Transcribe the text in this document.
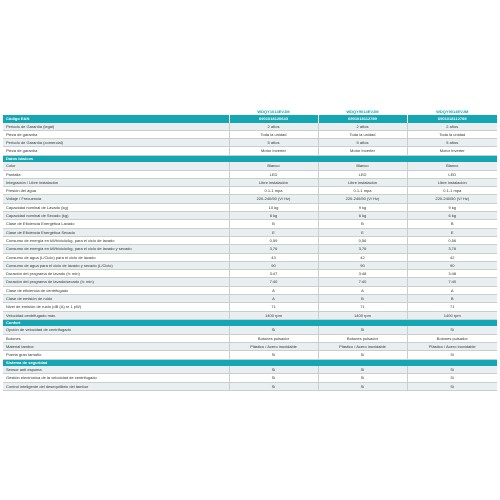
	WDQY1014EVJM	WDQY9014EVJM	WDQY9014EVJM
Código EAN	6901018120643	6901018112789	6901018112789
Periodo de Garantía (legal)	2 años	2 años	2 años
Pieza de garantía	Toda la unidad	Toda la unidad	Toda la unidad
Periodo de Garantía (comercial)	5 años	5 años	5 años
Pieza de garantía	Motor Inverter	Motor Inverter	Motor Inverter
Datos básicos			
Color	Blanco	Blanco	Blanco
Pantalla	LED	LED	LED
Integración / Libre instalación	Libre instalación	Libre instalación	Libre instalación
Presión del agua	0.1-1 mpa	0.1-1 mpa	0.1-1 mpa
Voltaje / Frecuencia	220-240/50 (V/ Hz)	220-240/50 (V/ Hz)	220-240/50 (V/ Hz)
Capacidad nominal de Lavado (kg)	10 kg	9 kg	9 kg
Capacidad nominal de Secado (kg)	6 kg	6 kg	6 kg
Clase de Eficiencia Energética Lavado	B	B	B
Clase de Eficiencia Energética Secado	E	E	E
Consumo de energía en kWh/ciclo/kg, para el ciclo de lavado	0,59	0,56	0,56
Consumo de energía en kWh/ciclo/kg, para el ciclo de lavado y secado	3,76	3,76	3,76
Consumo de agua (L/Ciclo) para el ciclo de lavado	43	42	42
Consumo de agua para el ciclo de lavado y secado (L/Ciclo)	90	90	90
Duración del programa de lavado (h: min)	3:47	3:48	3:48
Duración del programa de lavado/secado (h: min)	7:40	7:40	7:40
Clase de eficiencia de centrifugado	A	A	A
Clase de emisión de ruido	A	B	B
Nivel de emisión de ruido (dB (A) re 1 pW)	71	71	71
Velocidad centrifugado máx.	1400 rpm	1400 rpm	1400 rpm
Confort			
Opción de velocidad de centrifugado	Sí	Sí	Sí
Botones	Botones pulsador	Botones pulsador	Botones pulsador
Material tambor	Plástico / Acero inoxidable	Plástico / Acero inoxidable	Plástico / Acero inoxidable
Puerta gran tamaño	Sí	Sí	Sí
Sistema de seguridad			
Sensor anti espuma	Sí	Sí	Sí
Gestión electrónica de la velocidad de centrifugado	Sí	Sí	Sí
Control inteligente del desequilibrio del tambor	Sí	Sí	Sí
